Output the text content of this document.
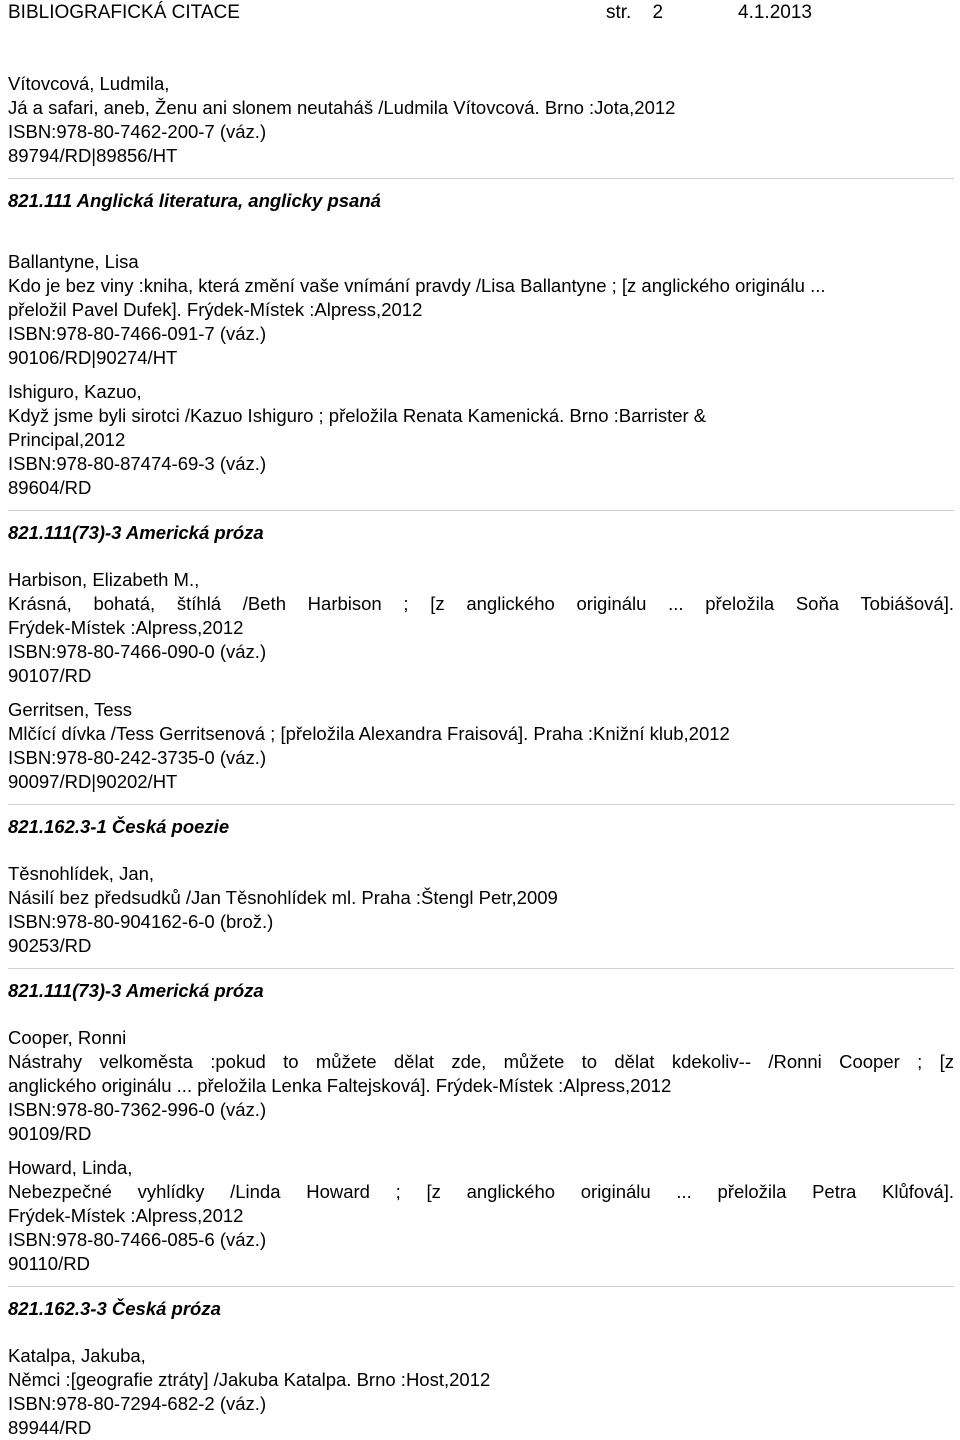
BIBLIOGRAFICKÁ CITACE	str. 2	4.1.2013
Vítovcová, Ludmila,
Já a safari, aneb, Ženu ani slonem neutaháš /Ludmila Vítovcová. Brno :Jota,2012
ISBN:978-80-7462-200-7 (váz.)
89794/RD|89856/HT
821.111 Anglická literatura, anglicky psaná
Ballantyne, Lisa
Kdo je bez viny :kniha, která změní vaše vnímání pravdy /Lisa Ballantyne ; [z anglického originálu ...
přeložil Pavel Dufek]. Frýdek-Místek :Alpress,2012
ISBN:978-80-7466-091-7 (váz.)
90106/RD|90274/HT
Ishiguro, Kazuo,
Když jsme byli sirotci /Kazuo Ishiguro ; přeložila Renata Kamenická. Brno :Barrister &
Principal,2012
ISBN:978-80-87474-69-3 (váz.)
89604/RD
821.111(73)-3 Americká próza
Harbison, Elizabeth M.,
Krásná, bohatá, štíhlá /Beth Harbison ; [z anglického originálu ... přeložila Soňa Tobiášová].
Frýdek-Místek :Alpress,2012
ISBN:978-80-7466-090-0 (váz.)
90107/RD
Gerritsen, Tess
Mlčící dívka /Tess Gerritsenová ; [přeložila Alexandra Fraisová]. Praha :Knižní klub,2012
ISBN:978-80-242-3735-0 (váz.)
90097/RD|90202/HT
821.162.3-1 Česká poezie
Těsnohlídek, Jan,
Násilí bez předsudků /Jan Těsnohlídek ml. Praha :Štengl Petr,2009
ISBN:978-80-904162-6-0 (brož.)
90253/RD
821.111(73)-3 Americká próza
Cooper, Ronni
Nástrahy velkoměsta :pokud to můžete dělat zde, můžete to dělat kdekoliv-- /Ronni Cooper ; [z
anglického originálu ... přeložila Lenka Faltejsková]. Frýdek-Místek :Alpress,2012
ISBN:978-80-7362-996-0 (váz.)
90109/RD
Howard, Linda,
Nebezpečné vyhlídky /Linda Howard ; [z anglického originálu ... přeložila Petra Klůfová].
Frýdek-Místek :Alpress,2012
ISBN:978-80-7466-085-6 (váz.)
90110/RD
821.162.3-3 Česká próza
Katalpa, Jakuba,
Němci :[geografie ztráty] /Jakuba Katalpa. Brno :Host,2012
ISBN:978-80-7294-682-2 (váz.)
89944/RD
